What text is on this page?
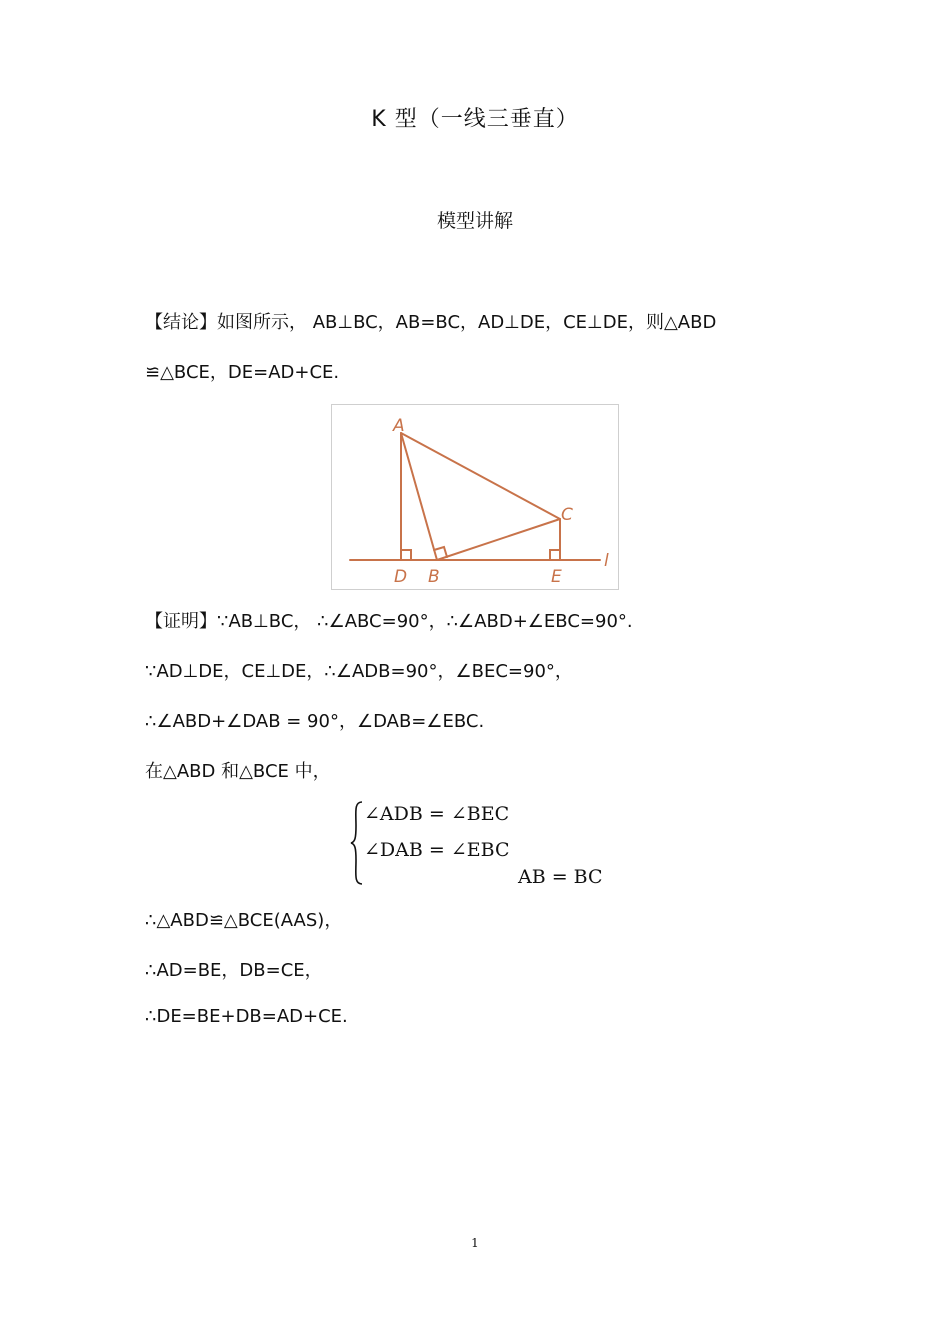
K 型（一线三垂直）
模型讲解
【结论】如图所示， AB⊥BC，AB=BC，AD⊥DE，CE⊥DE，则△ABD
≌△BCE，DE=AD+CE.
A
C
D B	E
l
【证明】∵AB⊥BC， ∴∠ABC=90°，∴∠ABD+∠EBC=90°.
∵AD⊥DE，CE⊥DE，∴∠ADB=90°，∠BEC=90°，
∴∠ABD+∠DAB = 90°，∠DAB=∠EBC.
在△ABD 和△BCE 中，
∠ADB = ∠BEC
∠DAB = ∠EBC
AB = BC
∴△ABD≌△BCE(AAS)，
∴AD=BE，DB=CE，
∴DE=BE+DB=AD+CE.
1
